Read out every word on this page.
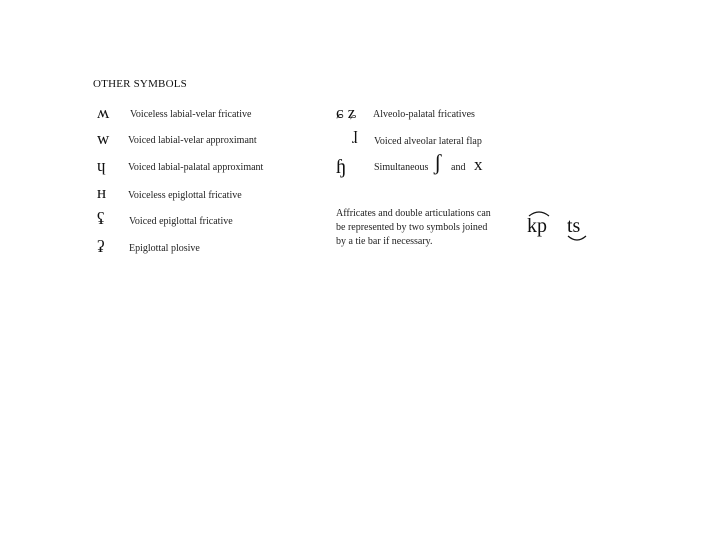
OTHER SYMBOLS
ʍ Voiceless labial-velar fricative
w Voiced labial-velar approximant
ɥ Voiced labial-palatal approximant
ʜ Voiceless epiglottal fricative
ʢ Voiced epiglottal fricative
ʡ Epiglottal plosive
ɕ ʑ Alveolo-palatal fricatives
ɺ Voiced alveolar lateral flap
ɧ	Simultaneous ʃ and x
Affricates and double articulations can be represented by two symbols joined by a tie bar if necessary.
kp ts
